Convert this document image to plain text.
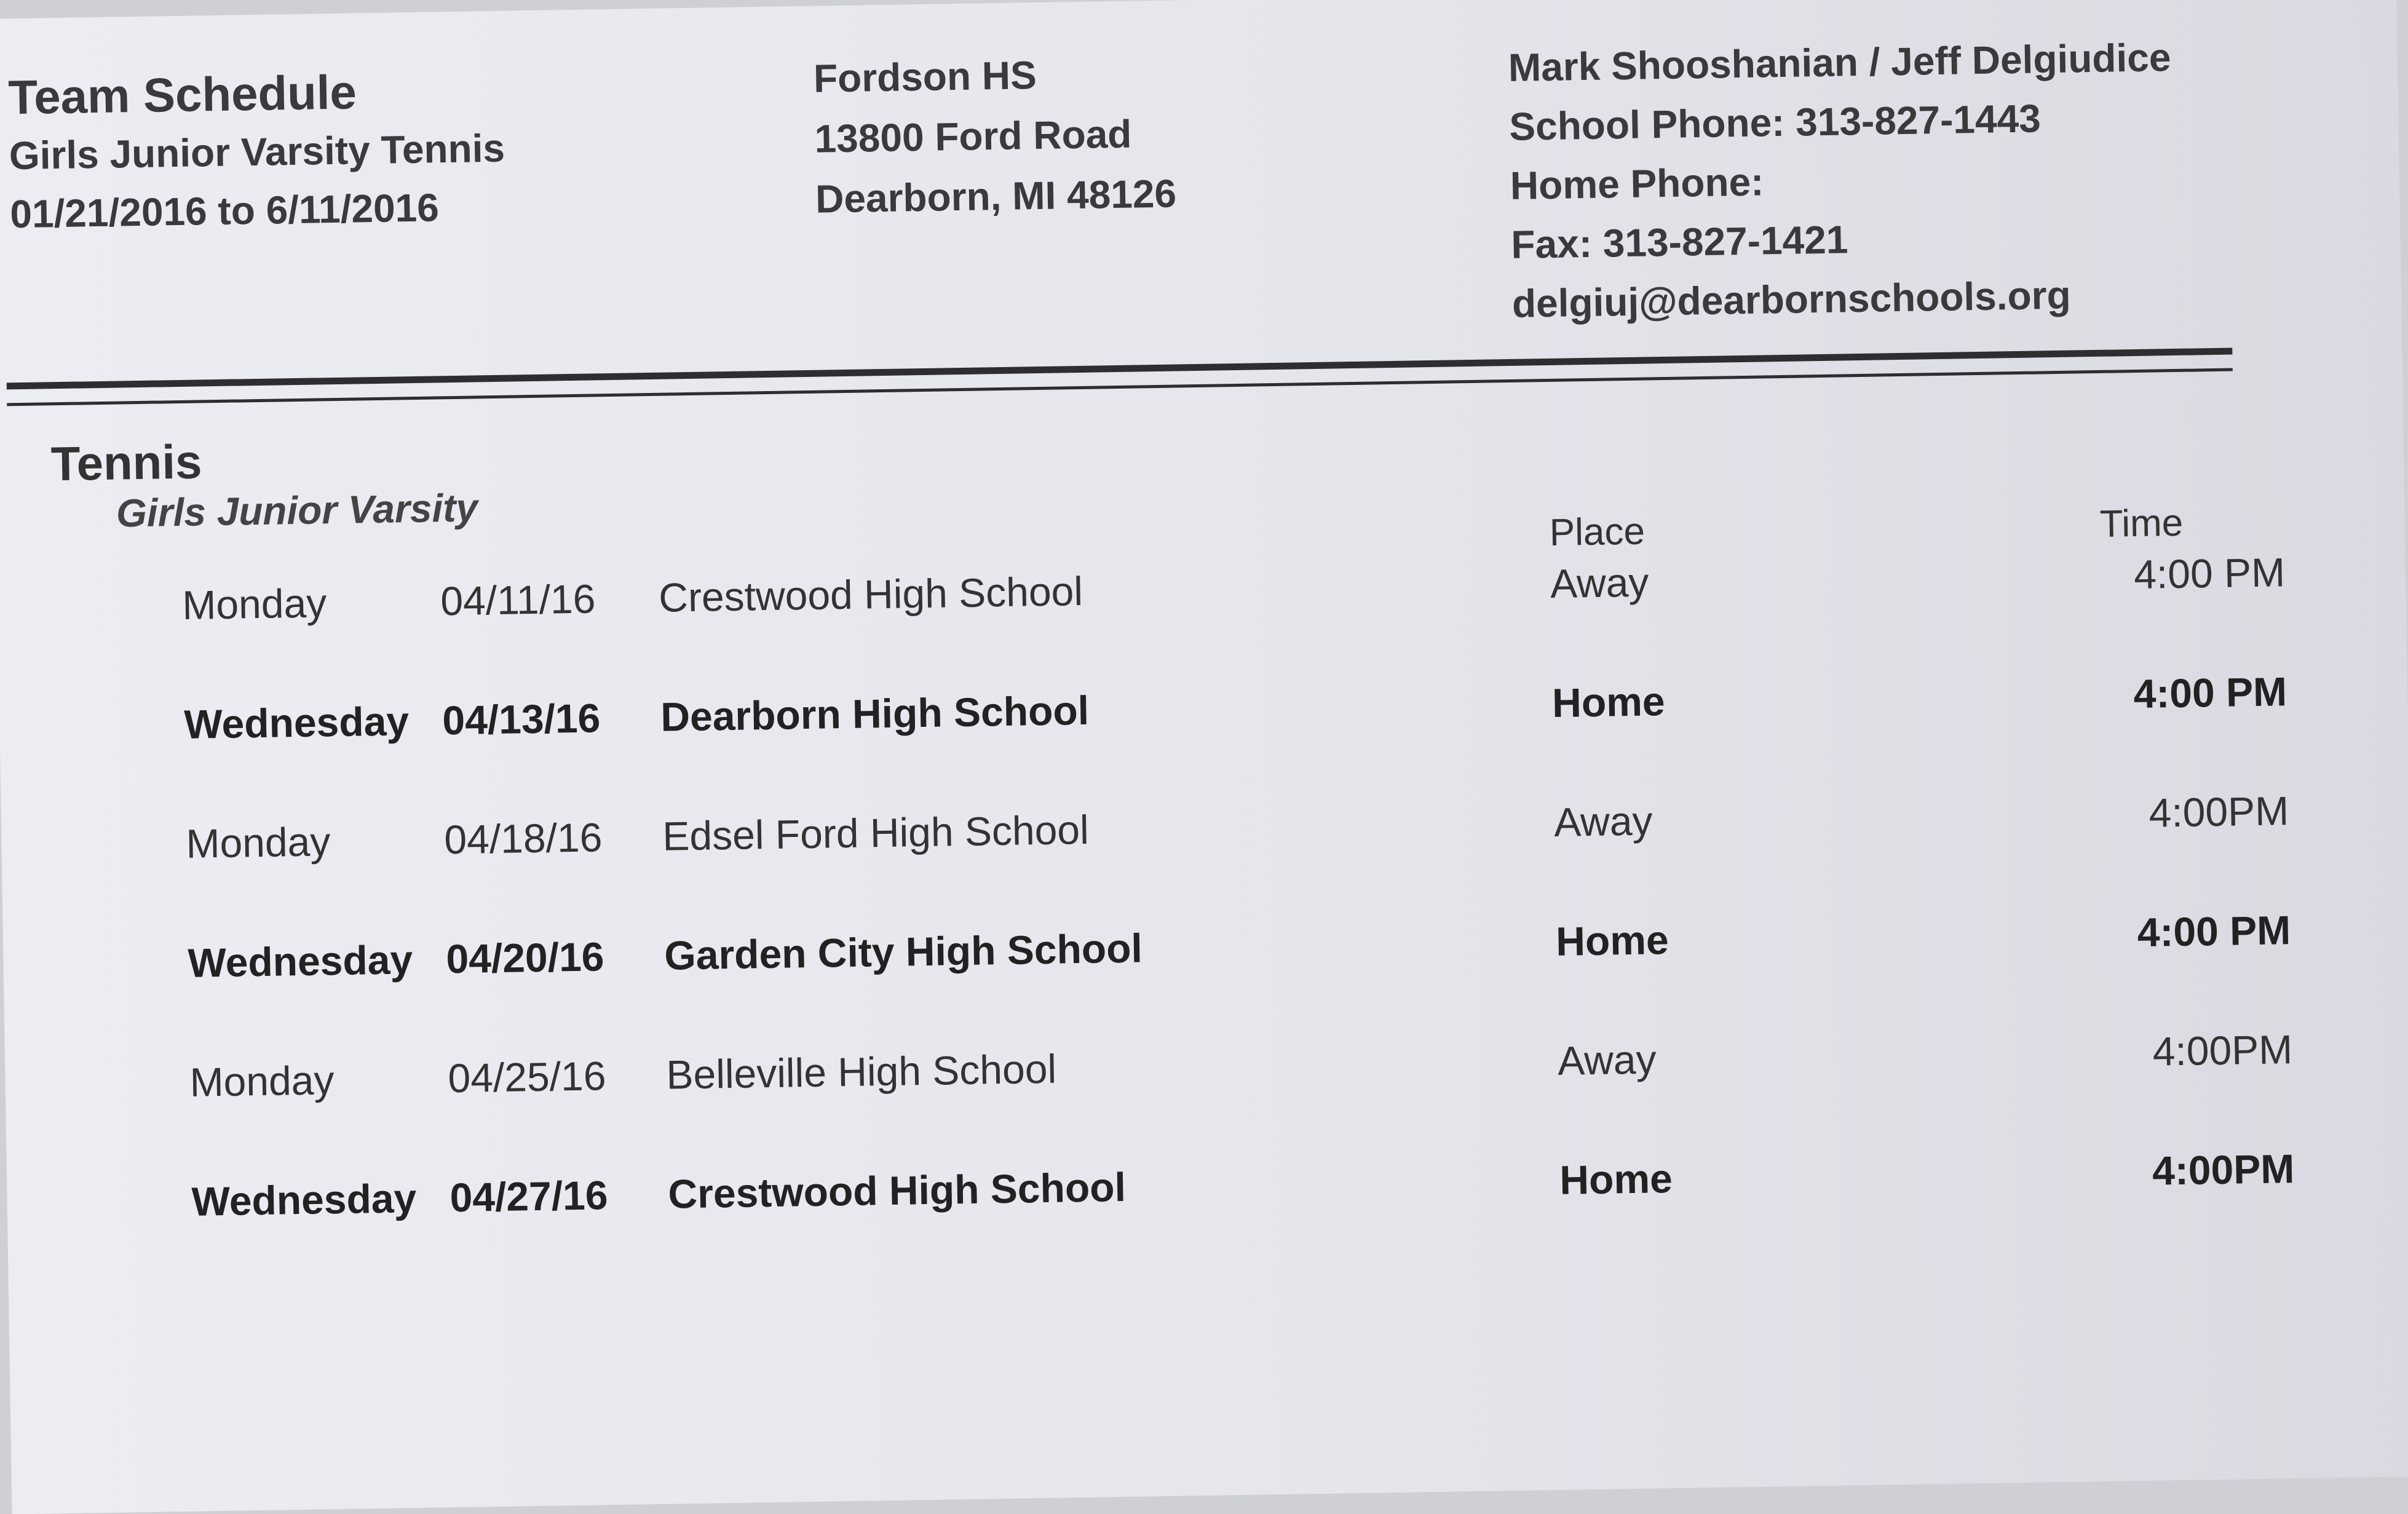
Team Schedule
Girls Junior Varsity Tennis
01/21/2016 to 6/11/2016
Fordson HS
13800 Ford Road
Dearborn, MI 48126
Mark Shooshanian / Jeff Delgiudice
School Phone: 313-827-1443
Home Phone:
Fax: 313-827-1421
delgiuj@dearbornschools.org
Tennis
Girls Junior Varsity	Place	Time
Monday	04/11/16 Crestwood High School	Away	4:00 PM
Wednesday 04/13/16 Dearborn High School	Home	4:00 PM
Monday	04/18/16 Edsel Ford High School	Away	4:00PM
Wednesday 04/20/16 Garden City High School	Home	4:00 PM
Monday	04/25/16 Belleville High School	Away	4:00PM
Wednesday 04/27/16 Crestwood High School	Home	4:00PM
